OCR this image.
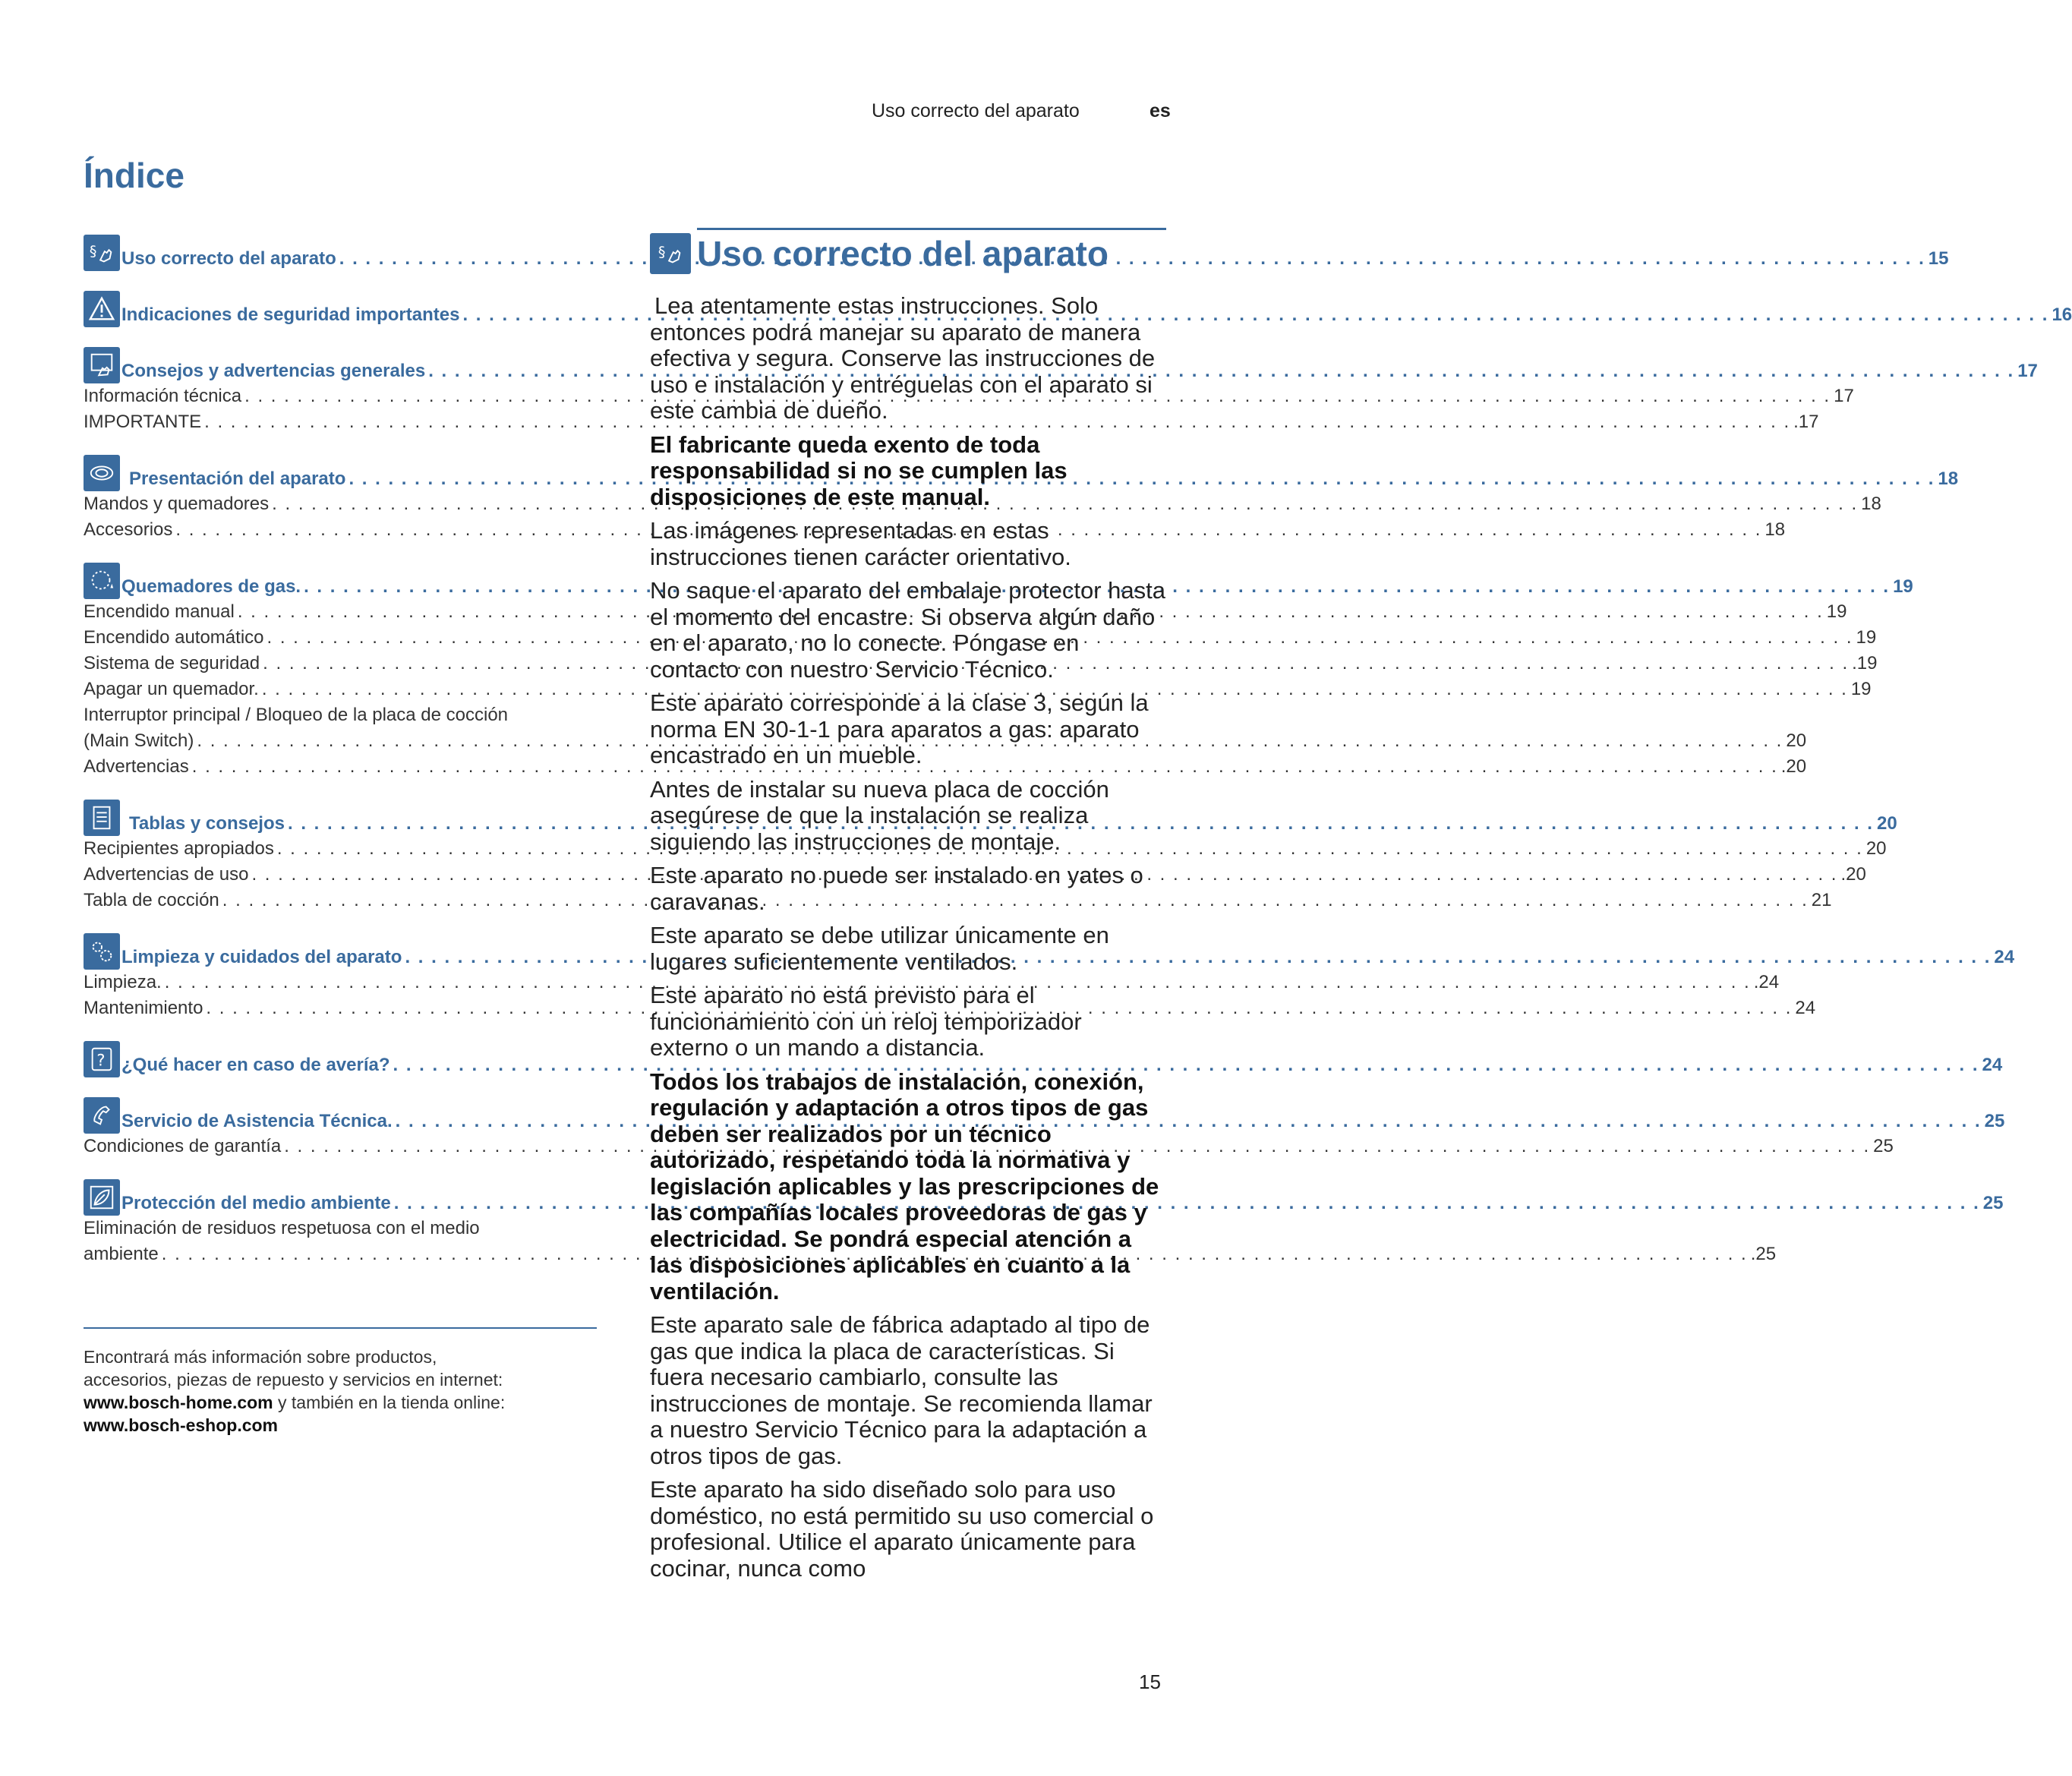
Uso correcto del aparato	es
Índice
§ Uso correcto del aparato . . .	15
Indicaciones de seguridad importantes . . .	16
Consejos y advertencias generales . . .	17
Información técnica . . .	17
IMPORTANTE . . .	.17
Presentación del aparato . . .	18
Mandos y quemadores . . .	18
Accesorios . . .	18
Quemadores de gas. . . .	19
Encendido manual . . .	19
Encendido automático . . .	19
Sistema de seguridad . . .	.19
Apagar un quemador. . . .	19
Interruptor principal / Bloqueo de la placa de cocción
(Main Switch) . . .	20
Advertencias . . .	.20
Tablas y consejos . . .	20
Recipientes apropiados . . .	20
Advertencias de uso . . .	.20
Tabla de cocción . . .	21
Limpieza y cuidados del aparato . . .	24
Limpieza. . . .	.24
Mantenimiento . . .	24
? ¿Qué hacer en caso de avería? . . .	24
Servicio de Asistencia Técnica. . . .	25
Condiciones de garantía . . .	25
Protección del medio ambiente . . .	25
Eliminación de residuos respetuosa con el medio
ambiente . . .	.25
Encontrará más información sobre productos,
accesorios, piezas de repuesto y servicios en internet:
www.bosch-home.com y también en la tienda online:
www.bosch-eshop.com
§ Uso correcto del aparato

Lea atentamente estas instrucciones. Solo entonces podrá manejar su aparato de manera efectiva y segura. Conserve las instrucciones de uso e instalación y entréguelas con el aparato si este cambia de dueño.

El fabricante queda exento de toda responsabilidad si no se cumplen las disposiciones de este manual.

Las imágenes representadas en estas instrucciones tienen carácter orientativo.

No saque el aparato del embalaje protector hasta el momento del encastre. Si observa algún daño en el aparato, no lo conecte. Póngase en contacto con nuestro Servicio Técnico.

Este aparato corresponde a la clase 3, según la norma EN 30-1-1 para aparatos a gas: aparato encastrado en un mueble.

Antes de instalar su nueva placa de cocción asegúrese de que la instalación se realiza siguiendo las instrucciones de montaje.

Este aparato no puede ser instalado en yates o caravanas.

Este aparato se debe utilizar únicamente en lugares suficientemente ventilados.

Este aparato no está previsto para el funcionamiento con un reloj temporizador externo o un mando a distancia.

Todos los trabajos de instalación, conexión, regulación y adaptación a otros tipos de gas deben ser realizados por un técnico autorizado, respetando toda la normativa y legislación aplicables y las prescripciones de las compañías locales proveedoras de gas y electricidad. Se pondrá especial atención a las disposiciones aplicables en cuanto a la ventilación.

Este aparato sale de fábrica adaptado al tipo de gas que indica la placa de características. Si fuera necesario cambiarlo, consulte las instrucciones de montaje. Se recomienda llamar a nuestro Servicio Técnico para la adaptación a otros tipos de gas.

Este aparato ha sido diseñado solo para uso doméstico, no está permitido su uso comercial o profesional. Utilice el aparato únicamente para cocinar, nunca como

15
